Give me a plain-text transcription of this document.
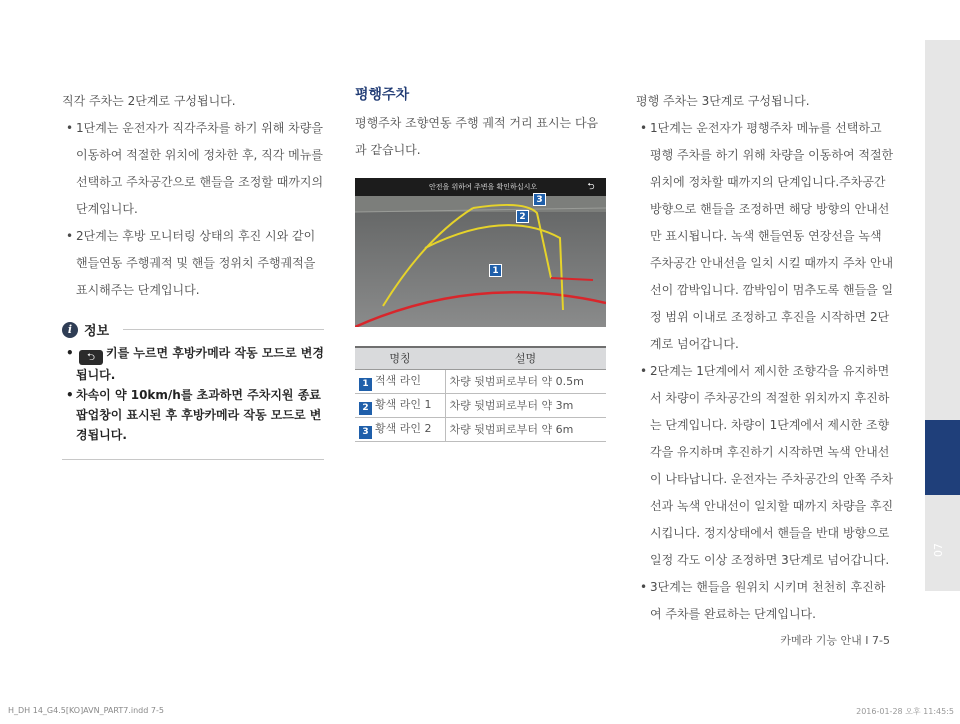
직각 주차는 2단계로 구성됩니다.

• 1단계는 운전자가 직각주차를 하기 위해 차량을 이동하여 적절한 위치에 정차한 후, 직각 메뉴를 선택하고 주차공간으로 핸들을 조정할 때까지의 단계입니다.
• 2단계는 후방 모니터링 상태의 후진 시와 같이 핸들연동 주행궤적 및 핸들 정위치 주행궤적을 표시해주는 단계입니다.
i 정보
• ⮌ 키를 누르면 후방카메라 작동 모드로 변경 됩니다.
• 차속이 약 10km/h를 초과하면 주차지원 종료 팝업창이 표시된 후 후방카메라 작동 모드로 변경됩니다.
평행주차

평행주차 조향연동 주행 궤적 거리 표시는 다음과 같습니다.

안전을 위하여 주변을 확인하십시오	⮌
1
2
3
명칭	설명
1 적색 라인	차량 뒷범퍼로부터 약 0.5m
2 황색 라인 1	차량 뒷범퍼로부터 약 3m
3 황색 라인 2	차량 뒷범퍼로부터 약 6m

평행 주차는 3단계로 구성됩니다.

• 1단계는 운전자가 평행주차 메뉴를 선택하고 평행 주차를 하기 위해 차량을 이동하여 적절한 위치에 정차할 때까지의 단계입니다.주차공간 방향으로 핸들을 조정하면 해당 방향의 안내선만 표시됩니다. 녹색 핸들연동 연장선을 녹색 주차공간 안내선을 일치 시킬 때까지 주차 안내선이 깜박입니다. 깜박임이 멈추도록 핸들을 일정 범위 이내로 조정하고 후진을 시작하면 2단계로 넘어갑니다.
• 2단계는 1단계에서 제시한 조향각을 유지하면서 차량이 주차공간의 적절한 위치까지 후진하는 단계입니다. 차량이 1단계에서 제시한 조향각을 유지하며 후진하기 시작하면 녹색 안내선이 나타납니다. 운전자는 주차공간의 안쪽 주차선과 녹색 안내선이 일치할 때까지 차량을 후진시킵니다. 정지상태에서 핸들을 반대 방향으로 일정 각도 이상 조정하면 3단계로 넘어갑니다.
• 3단계는 핸들을 원위치 시키며 천천히 후진하여 주차를 완료하는 단계입니다.
07
카메라 기능 안내 I 7-5
H_DH 14_G4.5[KO]AVN_PART7.indd 7-5	2016-01-28 오후 11:45:5
